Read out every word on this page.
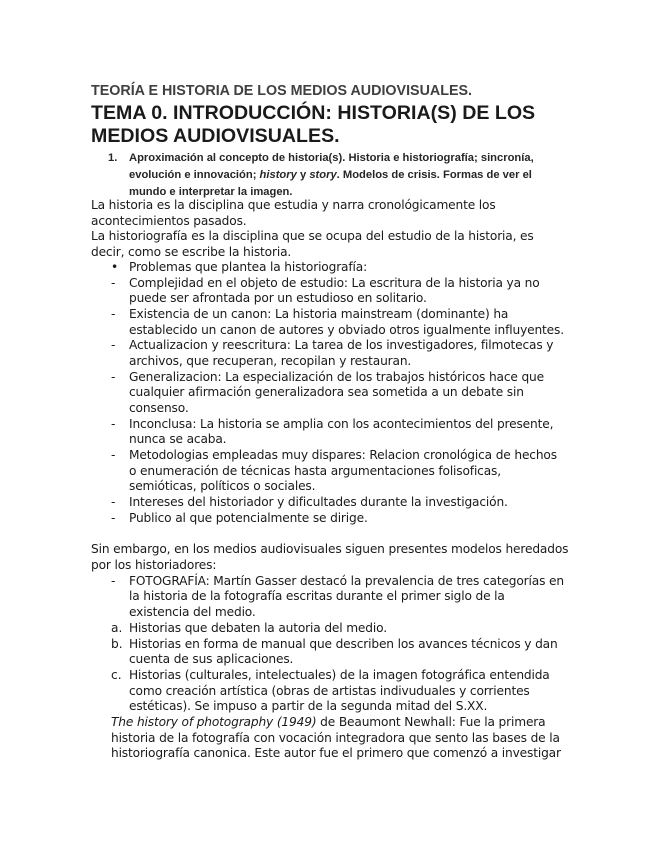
TEORÍA E HISTORIA DE LOS MEDIOS AUDIOVISUALES.
TEMA 0. INTRODUCCIÓN: HISTORIA(S) DE LOS
MEDIOS AUDIOVISUALES.
1. Aproximación al concepto de historia(s). Historia e historiografía; sincronía,
evolución e innovación; history y story. Modelos de crisis. Formas de ver el
mundo e interpretar la imagen.
La historia es la disciplina que estudia y narra cronológicamente los
acontecimientos pasados.
La historiografía es la disciplina que se ocupa del estudio de la historia, es
decir, como se escribe la historia.
• Problemas que plantea la historiografía:
- Complejidad en el objeto de estudio: La escritura de la historia ya no
puede ser afrontada por un estudioso en solitario.
- Existencia de un canon: La historia mainstream (dominante) ha
establecido un canon de autores y obviado otros igualmente influyentes.
- Actualizacion y reescritura: La tarea de los investigadores, filmotecas y
archivos, que recuperan, recopilan y restauran.
- Generalizacion: La especialización de los trabajos históricos hace que
cualquier afirmación generalizadora sea sometida a un debate sin
consenso.
- Inconclusa: La historia se amplia con los acontecimientos del presente,
nunca se acaba.
- Metodologias empleadas muy dispares: Relacion cronológica de hechos
o enumeración de técnicas hasta argumentaciones folisoficas,
semióticas, políticos o sociales.
- Intereses del historiador y dificultades durante la investigación.
- Publico al que potencialmente se dirige.
Sin embargo, en los medios audiovisuales siguen presentes modelos heredados
por los historiadores:
- FOTOGRAFÍA: Martín Gasser destacó la prevalencia de tres categorías en
la historia de la fotografía escritas durante el primer siglo de la
existencia del medio.
a. Historias que debaten la autoria del medio.
b. Historias en forma de manual que describen los avances técnicos y dan
cuenta de sus aplicaciones.
c. Historias (culturales, intelectuales) de la imagen fotográfica entendida
como creación artística (obras de artistas indivuduales y corrientes
estéticas). Se impuso a partir de la segunda mitad del S.XX.
The history of photography (1949) de Beaumont Newhall: Fue la primera
historia de la fotografía con vocación integradora que sento las bases de la
historiografía canonica. Este autor fue el primero que comenzó a investigar
